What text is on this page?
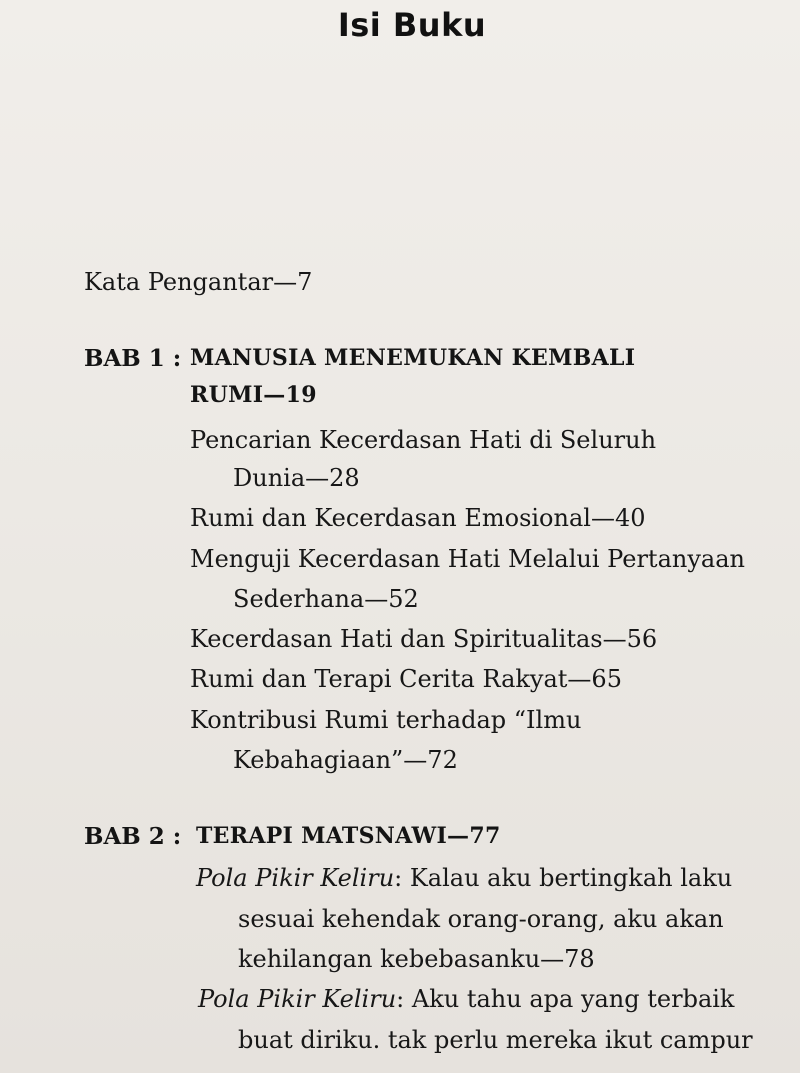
Isi Buku
Kata Pengantar—7
BAB 1 : MANUSIA MENEMUKAN KEMBALI
RUMI—19
Pencarian Kecerdasan Hati di Seluruh
Dunia—28
Rumi dan Kecerdasan Emosional—40
Menguji Kecerdasan Hati Melalui Pertanyaan
Sederhana—52
Kecerdasan Hati dan Spiritualitas—56
Rumi dan Terapi Cerita Rakyat—65
Kontribusi Rumi terhadap “Ilmu
Kebahagiaan”—72
BAB 2 : TERAPI MATSNAWI—77
Pola Pikir Keliru: Kalau aku bertingkah laku
sesuai kehendak orang-orang, aku akan
kehilangan kebebasanku—78
Pola Pikir Keliru: Aku tahu apa yang terbaik
buat diriku. tak perlu mereka ikut campur
